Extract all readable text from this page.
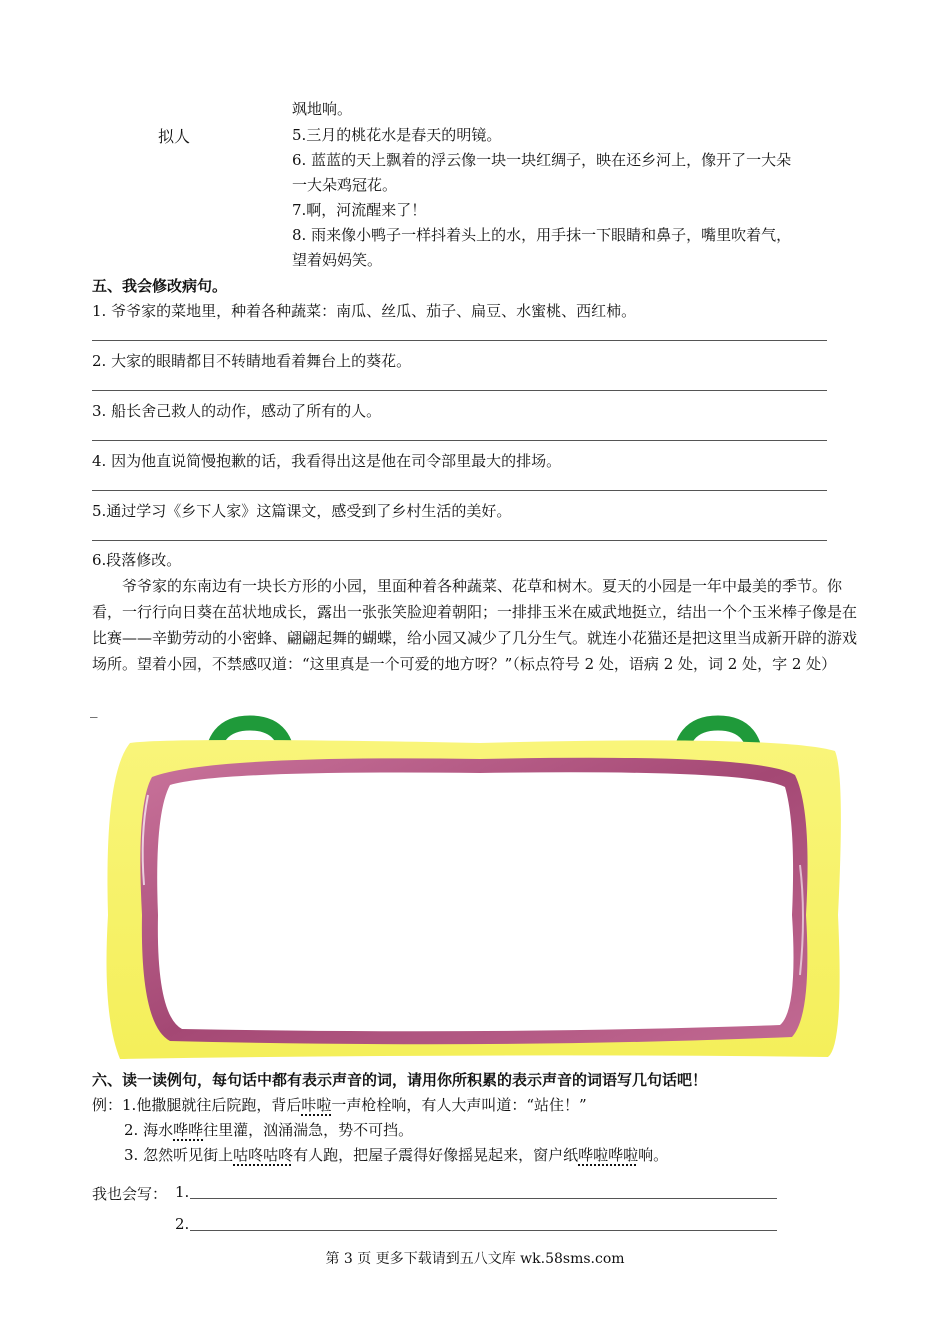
飒地响。
拟人	5.三月的桃花水是春天的明镜。
6. 蓝蓝的天上飘着的浮云像一块一块红绸子，映在还乡河上，像开了一大朵
一大朵鸡冠花。
7.啊，河流醒来了！
8. 雨来像小鸭子一样抖着头上的水，用手抹一下眼睛和鼻子，嘴里吹着气，
望着妈妈笑。
五、我会修改病句。
1. 爷爷家的菜地里，种着各种蔬菜：南瓜、丝瓜、茄子、扁豆、水蜜桃、西红柿。
2. 大家的眼睛都目不转睛地看着舞台上的葵花。
3. 船长舍己救人的动作，感动了所有的人。
4. 因为他直说简慢抱歉的话，我看得出这是他在司令部里最大的排场。
5.通过学习《乡下人家》这篇课文，感受到了乡村生活的美好。
6.段落修改。

爷爷家的东南边有一块长方形的小园，里面种着各种蔬菜、花草和树木。夏天的小园是一年中最美的季节。你看，一行行向日葵在茁状地成长，露出一张张笑脸迎着朝阳；一排排玉米在威武地挺立，结出一个个玉米棒子像是在比赛——辛勤劳动的小密蜂、翩翩起舞的蝴蝶，给小园又减少了几分生气。就连小花猫还是把这里当成新开辟的游戏场所。望着小园，不禁感叹道：“这里真是一个可爱的地方呀？”（标点符号 2 处，语病 2 处，词 2 处，字 2 处）

_
六、读一读例句，每句话中都有表示声音的词，请用你所积累的表示声音的词语写几句话吧！
例：1.他撒腿就往后院跑，背后咔啦一声枪栓响，有人大声叫道：“站住！”
2. 海水哗哗往里灌，汹涌湍急，势不可挡。
3. 忽然听见街上咕咚咕咚有人跑，把屋子震得好像摇晃起来，窗户纸哗啦哗啦响。
我也会写： 1.
2.
第 3 页 更多下载请到五八文库 wk.58sms.com
